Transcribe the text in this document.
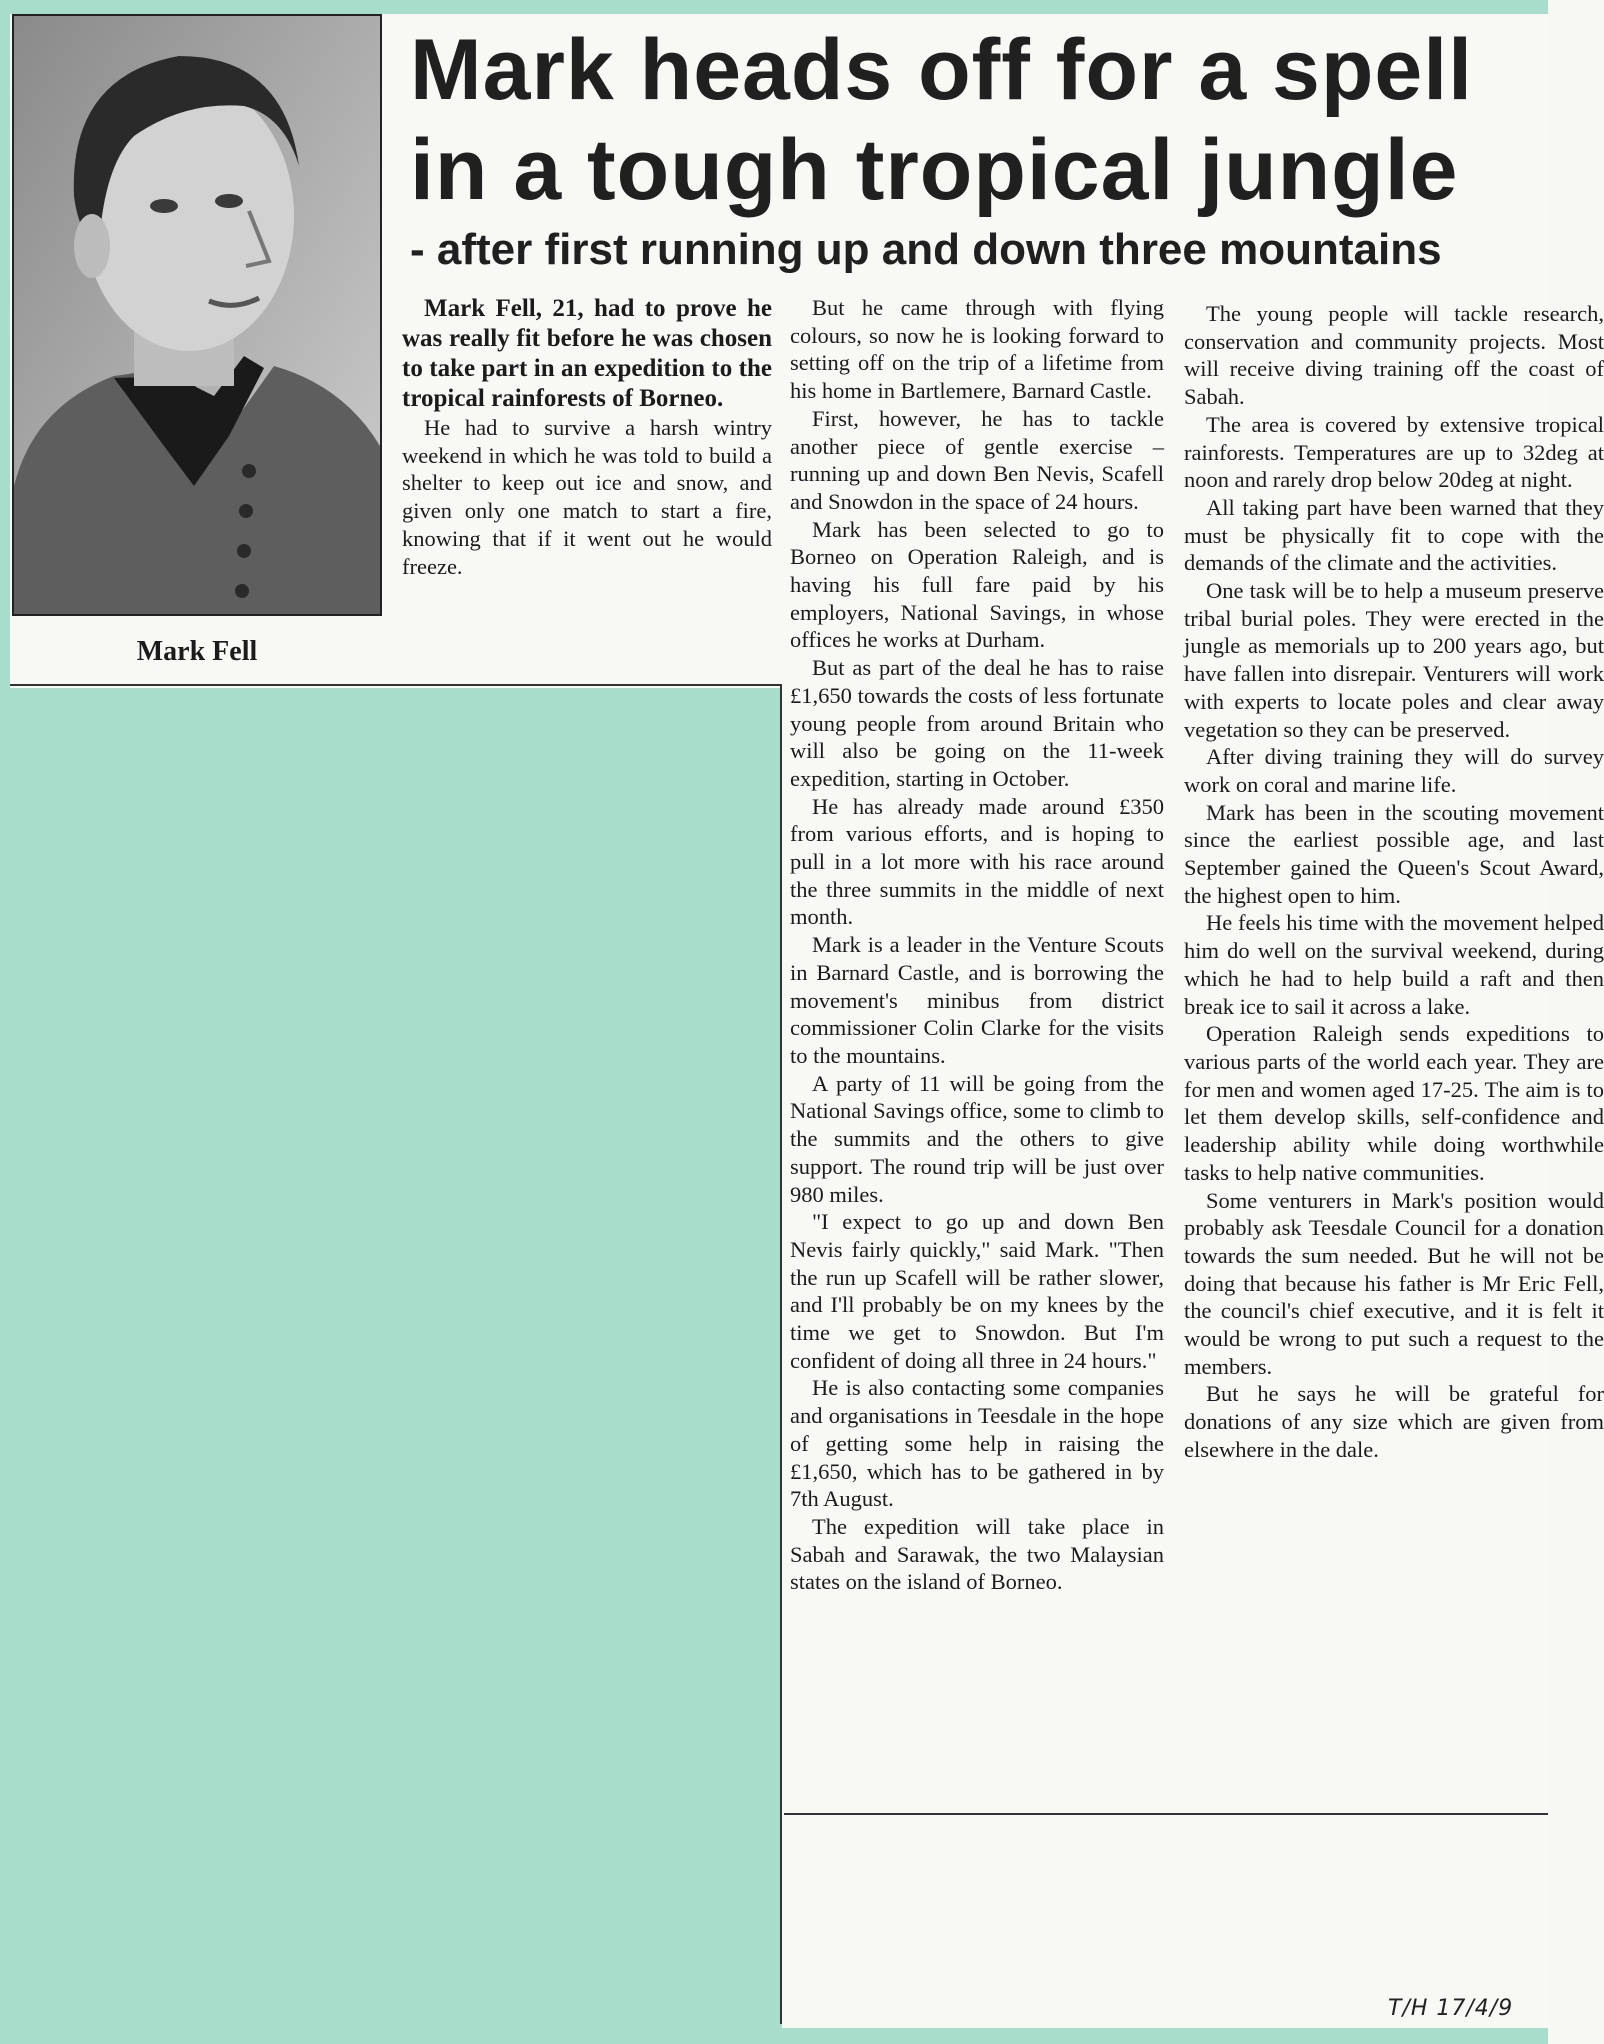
Mark Fell
Mark heads off for a spell
in a tough tropical jungle
- after first running up and down three mountains

Mark Fell, 21, had to prove he was really fit before he was chosen to take part in an expedition to the tropical rainforests of Borneo.

He had to survive a harsh wintry weekend in which he was told to build a shelter to keep out ice and snow, and given only one match to start a fire, knowing that if it went out he would freeze.

But he came through with flying colours, so now he is looking forward to setting off on the trip of a lifetime from his home in Bartlemere, Barnard Castle.

First, however, he has to tackle another piece of gentle exercise – running up and down Ben Nevis, Scafell and Snowdon in the space of 24 hours.

Mark has been selected to go to Borneo on Operation Raleigh, and is having his full fare paid by his employers, National Savings, in whose offices he works at Durham.

But as part of the deal he has to raise £1,650 towards the costs of less fortunate young people from around Britain who will also be going on the 11-week expedition, starting in October.

He has already made around £350 from various efforts, and is hoping to pull in a lot more with his race around the three summits in the middle of next month.

Mark is a leader in the Venture Scouts in Barnard Castle, and is borrowing the movement's minibus from district commissioner Colin Clarke for the visits to the mountains.

A party of 11 will be going from the National Savings office, some to climb to the summits and the others to give support. The round trip will be just over 980 miles.

"I expect to go up and down Ben Nevis fairly quickly," said Mark. "Then the run up Scafell will be rather slower, and I'll probably be on my knees by the time we get to Snowdon. But I'm confident of doing all three in 24 hours."

He is also contacting some companies and organisations in Teesdale in the hope of getting some help in raising the £1,650, which has to be gathered in by 7th August.

The expedition will take place in Sabah and Sarawak, the two Malaysian states on the island of Borneo.

The young people will tackle research, conservation and community projects. Most will receive diving training off the coast of Sabah.

The area is covered by extensive tropical rainforests. Temperatures are up to 32deg at noon and rarely drop below 20deg at night.

All taking part have been warned that they must be physically fit to cope with the demands of the climate and the activities.

One task will be to help a museum preserve tribal burial poles. They were erected in the jungle as memorials up to 200 years ago, but have fallen into disrepair. Venturers will work with experts to locate poles and clear away vegetation so they can be preserved.

After diving training they will do survey work on coral and marine life.

Mark has been in the scouting movement since the earliest possible age, and last September gained the Queen's Scout Award, the highest open to him.

He feels his time with the movement helped him do well on the survival weekend, during which he had to help build a raft and then break ice to sail it across a lake.

Operation Raleigh sends expeditions to various parts of the world each year. They are for men and women aged 17-25. The aim is to let them develop skills, self-confidence and leadership ability while doing worthwhile tasks to help native communities.

Some venturers in Mark's position would probably ask Teesdale Council for a donation towards the sum needed. But he will not be doing that because his father is Mr Eric Fell, the council's chief executive, and it is felt it would be wrong to put such a request to the members.

But he says he will be grateful for donations of any size which are given from elsewhere in the dale.

T/H 17/4/9
